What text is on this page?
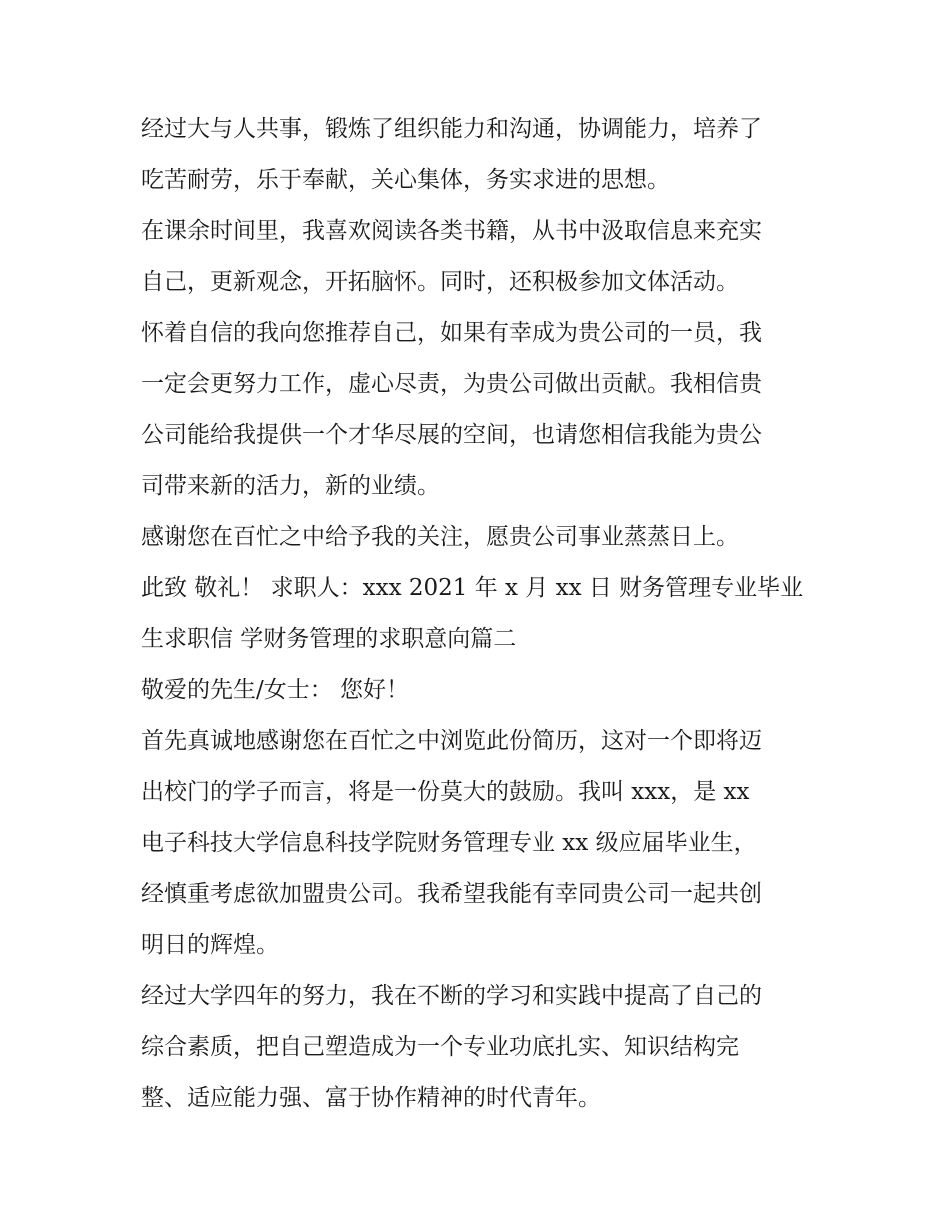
经过大与人共事，锻炼了组织能力和沟通，协调能力，培养了
吃苦耐劳，乐于奉献，关心集体，务实求进的思想。
在课余时间里，我喜欢阅读各类书籍，从书中汲取信息来充实
自己，更新观念，开拓脑怀。同时，还积极参加文体活动。
怀着自信的我向您推荐自己，如果有幸成为贵公司的一员，我
一定会更努力工作，虚心尽责，为贵公司做出贡献。我相信贵
公司能给我提供一个才华尽展的空间，也请您相信我能为贵公
司带来新的活力，新的业绩。
感谢您在百忙之中给予我的关注，愿贵公司事业蒸蒸日上。
此致 敬礼！ 求职人：xxx 2021 年 x 月 xx 日 财务管理专业毕业
生求职信 学财务管理的求职意向篇二
敬爱的先生/女士： 您好！
首先真诚地感谢您在百忙之中浏览此份简历，这对一个即将迈
出校门的学子而言，将是一份莫大的鼓励。我叫 xxx，是 xx
电子科技大学信息科技学院财务管理专业 xx 级应届毕业生，
经慎重考虑欲加盟贵公司。我希望我能有幸同贵公司一起共创
明日的辉煌。
经过大学四年的努力，我在不断的学习和实践中提高了自己的
综合素质，把自己塑造成为一个专业功底扎实、知识结构完
整、适应能力强、富于协作精神的时代青年。
